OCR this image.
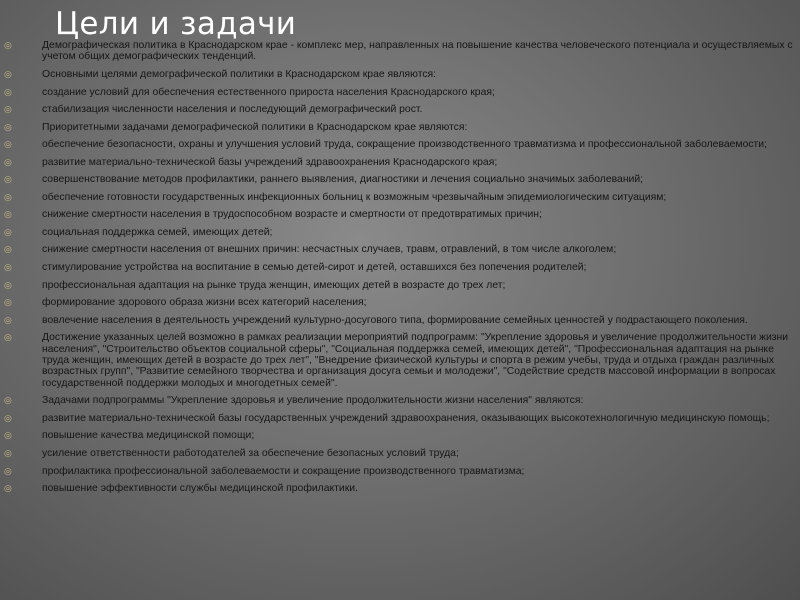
Цели и задачи
◎	Демографическая политика в Краснодарском крае - комплекс мер, направленных на повышение качества человеческого потенциала и осуществляемых с учетом общих демографических тенденций.
◎	Основными целями демографической политики в Краснодарском крае являются:
◎	создание условий для обеспечения естественного прироста населения Краснодарского края;
◎	стабилизация численности населения и последующий демографический рост.
◎	Приоритетными задачами демографической политики в Краснодарском крае являются:
◎	обеспечение безопасности, охраны и улучшения условий труда, сокращение производственного травматизма и профессиональной заболеваемости;
◎	развитие материально-технической базы учреждений здравоохранения Краснодарского края;
◎	совершенствование методов профилактики, раннего выявления, диагностики и лечения социально значимых заболеваний;
◎	обеспечение готовности государственных инфекционных больниц к возможным чрезвычайным эпидемиологическим ситуациям;
◎	снижение смертности населения в трудоспособном возрасте и смертности от предотвратимых причин;
◎	социальная поддержка семей, имеющих детей;
◎	снижение смертности населения от внешних причин: несчастных случаев, травм, отравлений, в том числе алкоголем;
◎	стимулирование устройства на воспитание в семью детей-сирот и детей, оставшихся без попечения родителей;
◎	профессиональная адаптация на рынке труда женщин, имеющих детей в возрасте до трех лет;
◎	формирование здорового образа жизни всех категорий населения;
◎	вовлечение населения в деятельность учреждений культурно-досугового типа, формирование семейных ценностей у подрастающего поколения.
◎	Достижение указанных целей возможно в рамках реализации мероприятий подпрограмм: "Укрепление здоровья и увеличение продолжительности жизни населения", "Строительство объектов социальной сферы", "Социальная поддержка семей, имеющих детей", "Профессиональная адаптация на рынке труда женщин, имеющих детей в возрасте до трех лет", "Внедрение физической культуры и спорта в режим учебы, труда и отдыха граждан различных возрастных групп", "Развитие семейного творчества и организация досуга семьи и молодежи", "Содействие средств массовой информации в вопросах государственной поддержки молодых и многодетных семей".
◎	Задачами подпрограммы "Укрепление здоровья и увеличение продолжительности жизни населения" являются:
◎	развитие материально-технической базы государственных учреждений здравоохранения, оказывающих высокотехнологичную медицинскую помощь;
◎	повышение качества медицинской помощи;
◎	усиление ответственности работодателей за обеспечение безопасных условий труда;
◎	профилактика профессиональной заболеваемости и сокращение производственного травматизма;
◎	повышение эффективности службы медицинской профилактики.
